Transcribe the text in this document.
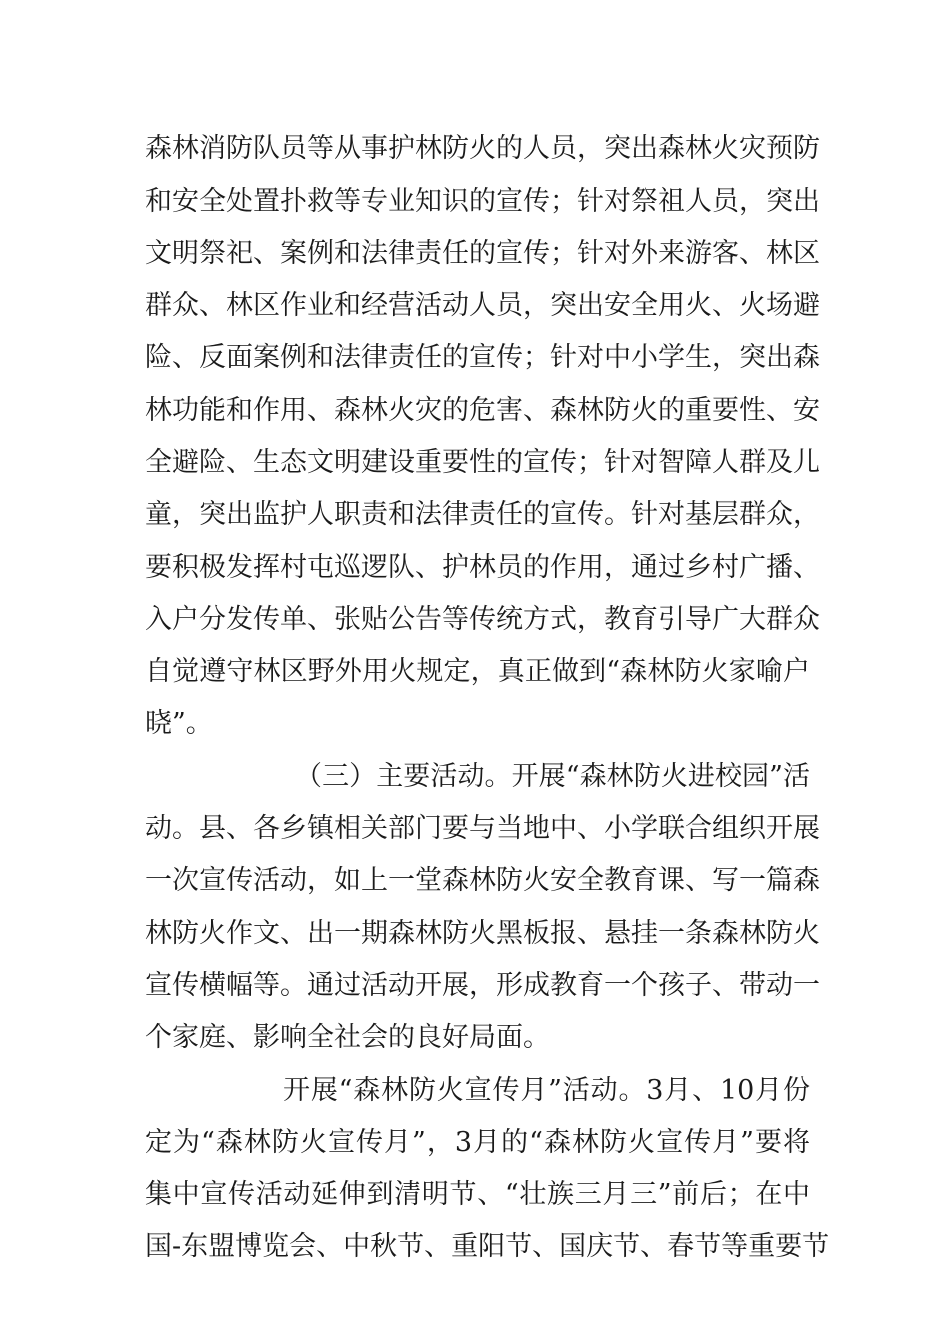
森林消防队员等从事护林防火的人员，突出森林火灾预防
和安全处置扑救等专业知识的宣传；针对祭祖人员，突出
文明祭祀、案例和法律责任的宣传；针对外来游客、林区
群众、林区作业和经营活动人员，突出安全用火、火场避
险、反面案例和法律责任的宣传；针对中小学生，突出森
林功能和作用、森林火灾的危害、森林防火的重要性、安
全避险、生态文明建设重要性的宣传；针对智障人群及儿
童，突出监护人职责和法律责任的宣传。针对基层群众，
要积极发挥村屯巡逻队、护林员的作用，通过乡村广播、
入户分发传单、张贴公告等传统方式，教育引导广大群众
自觉遵守林区野外用火规定，真正做到“森林防火家喻户
晓”。
（三）主要活动。开展“森林防火进校园”活
动。县、各乡镇相关部门要与当地中、小学联合组织开展
一次宣传活动，如上一堂森林防火安全教育课、写一篇森
林防火作文、出一期森林防火黑板报、悬挂一条森林防火
宣传横幅等。通过活动开展，形成教育一个孩子、带动一
个家庭、影响全社会的良好局面。
开展“森林防火宣传月”活动。3月、10月份
定为“森林防火宣传月”，3月的“森林防火宣传月”要将
集中宣传活动延伸到清明节、“壮族三月三”前后；在中
国-东盟博览会、中秋节、重阳节、国庆节、春节等重要节
